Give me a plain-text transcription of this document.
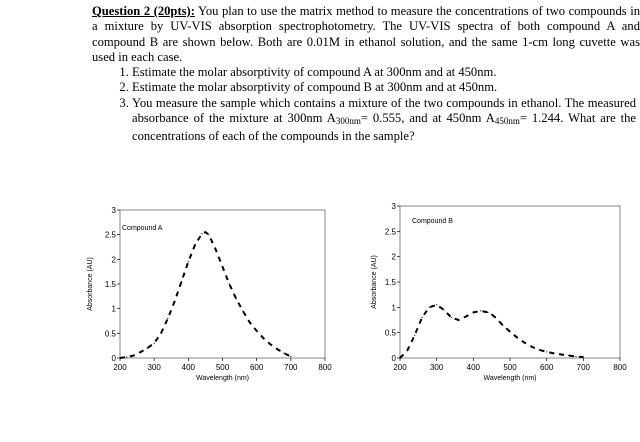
Question 2 (20pts): You plan to use the matrix method to measure the concentrations of two compounds in a mixture by UV-VIS absorption spectrophotometry. The UV-VIS spectra of both compound A and compound B are shown below. Both are 0.01M in ethanol solution, and the same 1-cm long cuvette was used in each case.

1. Estimate the molar absorptivity of compound A at 300nm and at 450nm.
2. Estimate the molar absorptivity of compound B at 300nm and at 450nm.
3. You measure the sample which contains a mixture of the two compounds in ethanol. The measured absorbance of the mixture at 300nm $A_{300nm}= 0.555$, and at 450nm $A_{450nm}= 1.244$. What are the concentrations of each of the compounds in the sample?
200	300	400	500	600	700	800
0
0.5
1
1.5
2
2.5
3
Wavelength (nm)
Absorbance (AU)
Compound A
200	300	400	500	600	700	800
0
0.5
1
1.5
2
2.5
3
Wavelength (nm)
Absorbance (AU)
Compound B
